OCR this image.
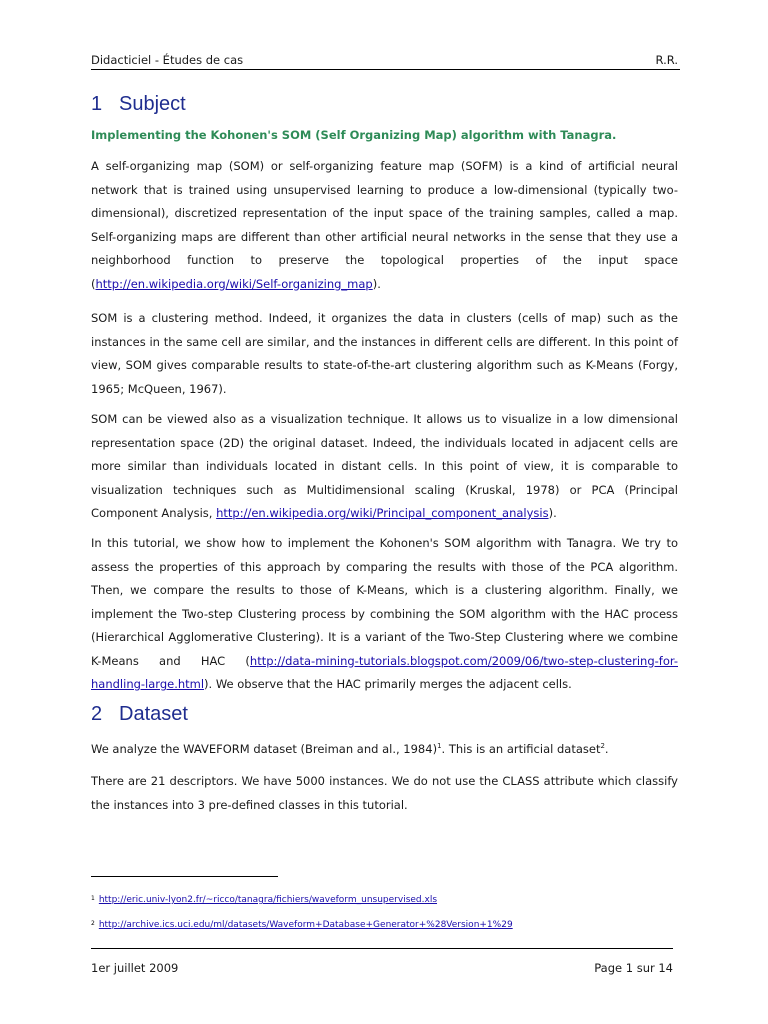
Didacticiel - Études de cas	R.R.
1 Subject
Implementing the Kohonen's SOM (Self Organizing Map) algorithm with Tanagra.

A self-organizing map (SOM) or self-organizing feature map (SOFM) is a kind of artificial neural network that is trained using unsupervised learning to produce a low-dimensional (typically two-dimensional), discretized representation of the input space of the training samples, called a map. Self-organizing maps are different than other artificial neural networks in the sense that they use a neighborhood function to preserve the topological properties of the input space (http://en.wikipedia.org/wiki/Self-organizing_map).

SOM is a clustering method. Indeed, it organizes the data in clusters (cells of map) such as the instances in the same cell are similar, and the instances in different cells are different. In this point of view, SOM gives comparable results to state-of-the-art clustering algorithm such as K-Means (Forgy, 1965; McQueen, 1967).

SOM can be viewed also as a visualization technique. It allows us to visualize in a low dimensional representation space (2D) the original dataset. Indeed, the individuals located in adjacent cells are more similar than individuals located in distant cells. In this point of view, it is comparable to visualization techniques such as Multidimensional scaling (Kruskal, 1978) or PCA (Principal Component Analysis, http://en.wikipedia.org/wiki/Principal_component_analysis).

In this tutorial, we show how to implement the Kohonen's SOM algorithm with Tanagra. We try to assess the properties of this approach by comparing the results with those of the PCA algorithm. Then, we compare the results to those of K-Means, which is a clustering algorithm. Finally, we implement the Two-step Clustering process by combining the SOM algorithm with the HAC process (Hierarchical Agglomerative Clustering). It is a variant of the Two-Step Clustering where we combine K-Means and HAC (http://data-mining-tutorials.blogspot.com/2009/06/two-step-clustering-for-handling-large.html). We observe that the HAC primarily merges the adjacent cells.

2 Dataset

We analyze the WAVEFORM dataset (Breiman and al., 1984)$^1$. This is an artificial dataset$^2$.

There are 21 descriptors. We have 5000 instances. We do not use the CLASS attribute which classify the instances into 3 pre-defined classes in this tutorial.

$^1$ http://eric.univ-lyon2.fr/~ricco/tanagra/fichiers/waveform_unsupervised.xls
$^2$ http://archive.ics.uci.edu/ml/datasets/Waveform+Database+Generator+%28Version+1%29
1er juillet 2009	Page 1 sur 14
